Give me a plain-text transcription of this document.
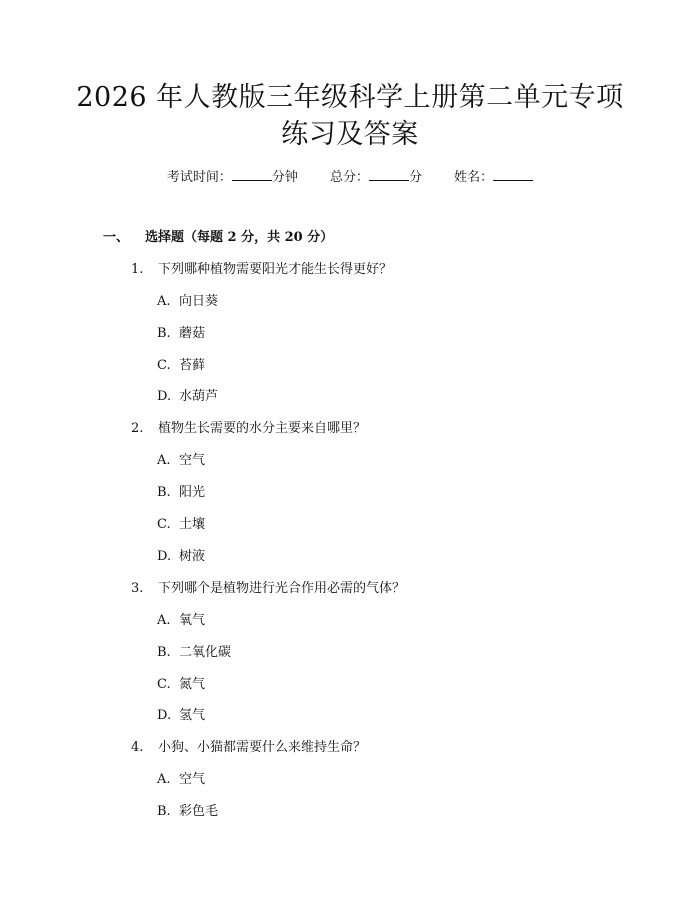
2026 年人教版三年级科学上册第二单元专项
练习及答案
考试时间：	分钟 总分：	分 姓名：
一、 选择题（每题 2 分，共 20 分）
1. 下列哪种植物需要阳光才能生长得更好？
A. 向日葵
B. 蘑菇
C. 苔藓
D. 水葫芦
2. 植物生长需要的水分主要来自哪里？
A. 空气
B. 阳光
C. 土壤
D. 树液
3. 下列哪个是植物进行光合作用必需的气体？
A. 氧气
B. 二氧化碳
C. 氮气
D. 氢气
4. 小狗、小猫都需要什么来维持生命？
A. 空气
B. 彩色毛
